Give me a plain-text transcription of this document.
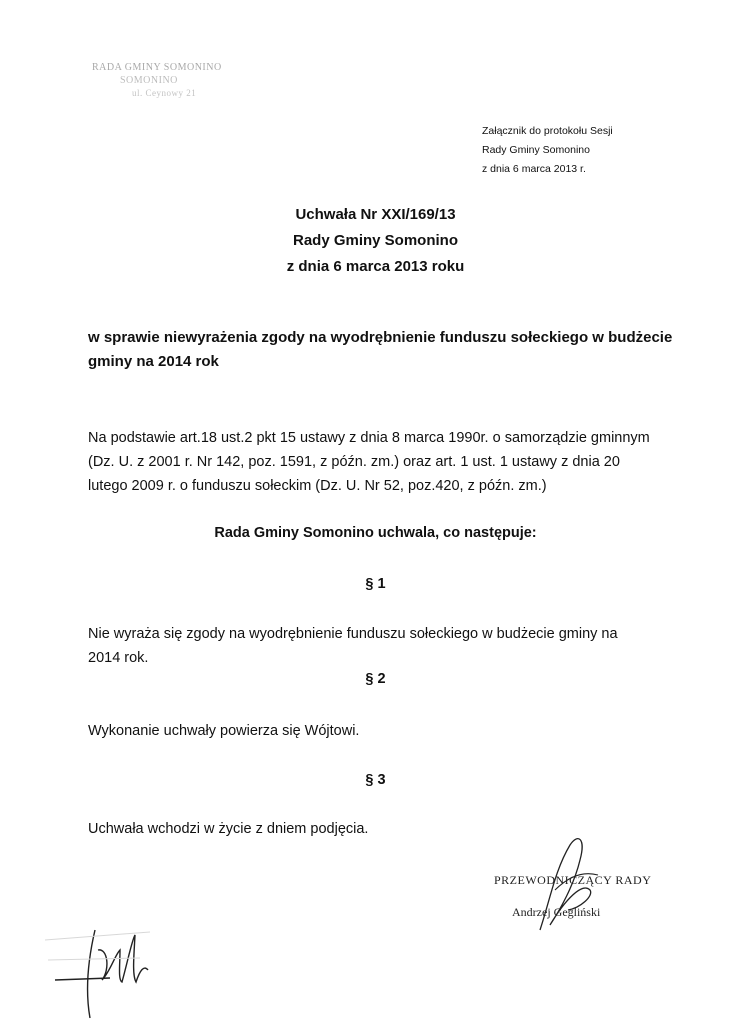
RADA GMINY SOMONINO
SOMONINO
ul. Ceynowy 21
Załącznik do protokołu Sesji
Rady Gminy Somonino
z dnia 6 marca 2013 r.
Uchwała Nr XXI/169/13
Rady Gminy Somonino
z dnia 6 marca 2013 roku
w sprawie niewyrażenia zgody na wyodrębnienie funduszu sołeckiego w budżecie
gminy na 2014 rok
Na podstawie art.18 ust.2 pkt 15 ustawy z dnia 8 marca 1990r. o samorządzie gminnym
(Dz. U. z 2001 r. Nr 142, poz. 1591, z późn. zm.) oraz art. 1 ust. 1 ustawy z dnia 20
lutego 2009 r. o funduszu sołeckim (Dz. U. Nr 52, poz.420, z późn. zm.)
Rada Gminy Somonino uchwala, co następuje:
§ 1
Nie wyraża się zgody na wyodrębnienie funduszu sołeckiego w budżecie gminy na
2014 rok.
§ 2
Wykonanie uchwały powierza się Wójtowi.
§ 3
Uchwała wchodzi w życie z dniem podjęcia.
PRZEWODNICZĄCY RADY
Andrzej Gegliński
